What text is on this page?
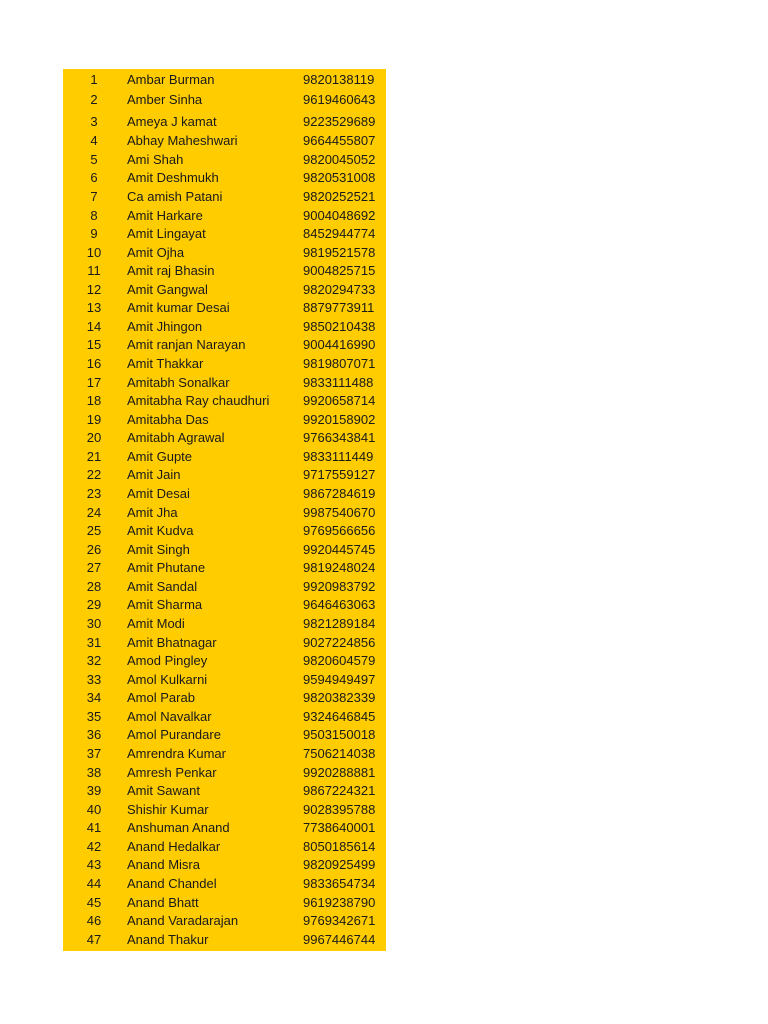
1	Ambar Burman	9820138119
2	Amber Sinha	9619460643
3	Ameya J kamat	9223529689
4	Abhay Maheshwari	9664455807
5	Ami Shah	9820045052
6	Amit Deshmukh	9820531008
7	Ca amish Patani	9820252521
8	Amit Harkare	9004048692
9	Amit Lingayat	8452944774
10	Amit Ojha	9819521578
11	Amit raj Bhasin	9004825715
12	Amit Gangwal	9820294733
13	Amit kumar Desai	8879773911
14	Amit Jhingon	9850210438
15	Amit ranjan Narayan	9004416990
16	Amit Thakkar	9819807071
17	Amitabh Sonalkar	9833111488
18	Amitabha Ray chaudhuri	9920658714
19	Amitabha Das	9920158902
20	Amitabh Agrawal	9766343841
21	Amit Gupte	9833111449
22	Amit Jain	9717559127
23	Amit Desai	9867284619
24	Amit Jha	9987540670
25	Amit Kudva	9769566656
26	Amit Singh	9920445745
27	Amit Phutane	9819248024
28	Amit Sandal	9920983792
29	Amit Sharma	9646463063
30	Amit Modi	9821289184
31	Amit Bhatnagar	9027224856
32	Amod Pingley	9820604579
33	Amol Kulkarni	9594949497
34	Amol Parab	9820382339
35	Amol Navalkar	9324646845
36	Amol Purandare	9503150018
37	Amrendra Kumar	7506214038
38	Amresh Penkar	9920288881
39	Amit Sawant	9867224321
40	Shishir Kumar	9028395788
41	Anshuman Anand	7738640001
42	Anand Hedalkar	8050185614
43	Anand Misra	9820925499
44	Anand Chandel	9833654734
45	Anand Bhatt	9619238790
46	Anand Varadarajan	9769342671
47	Anand Thakur	9967446744
